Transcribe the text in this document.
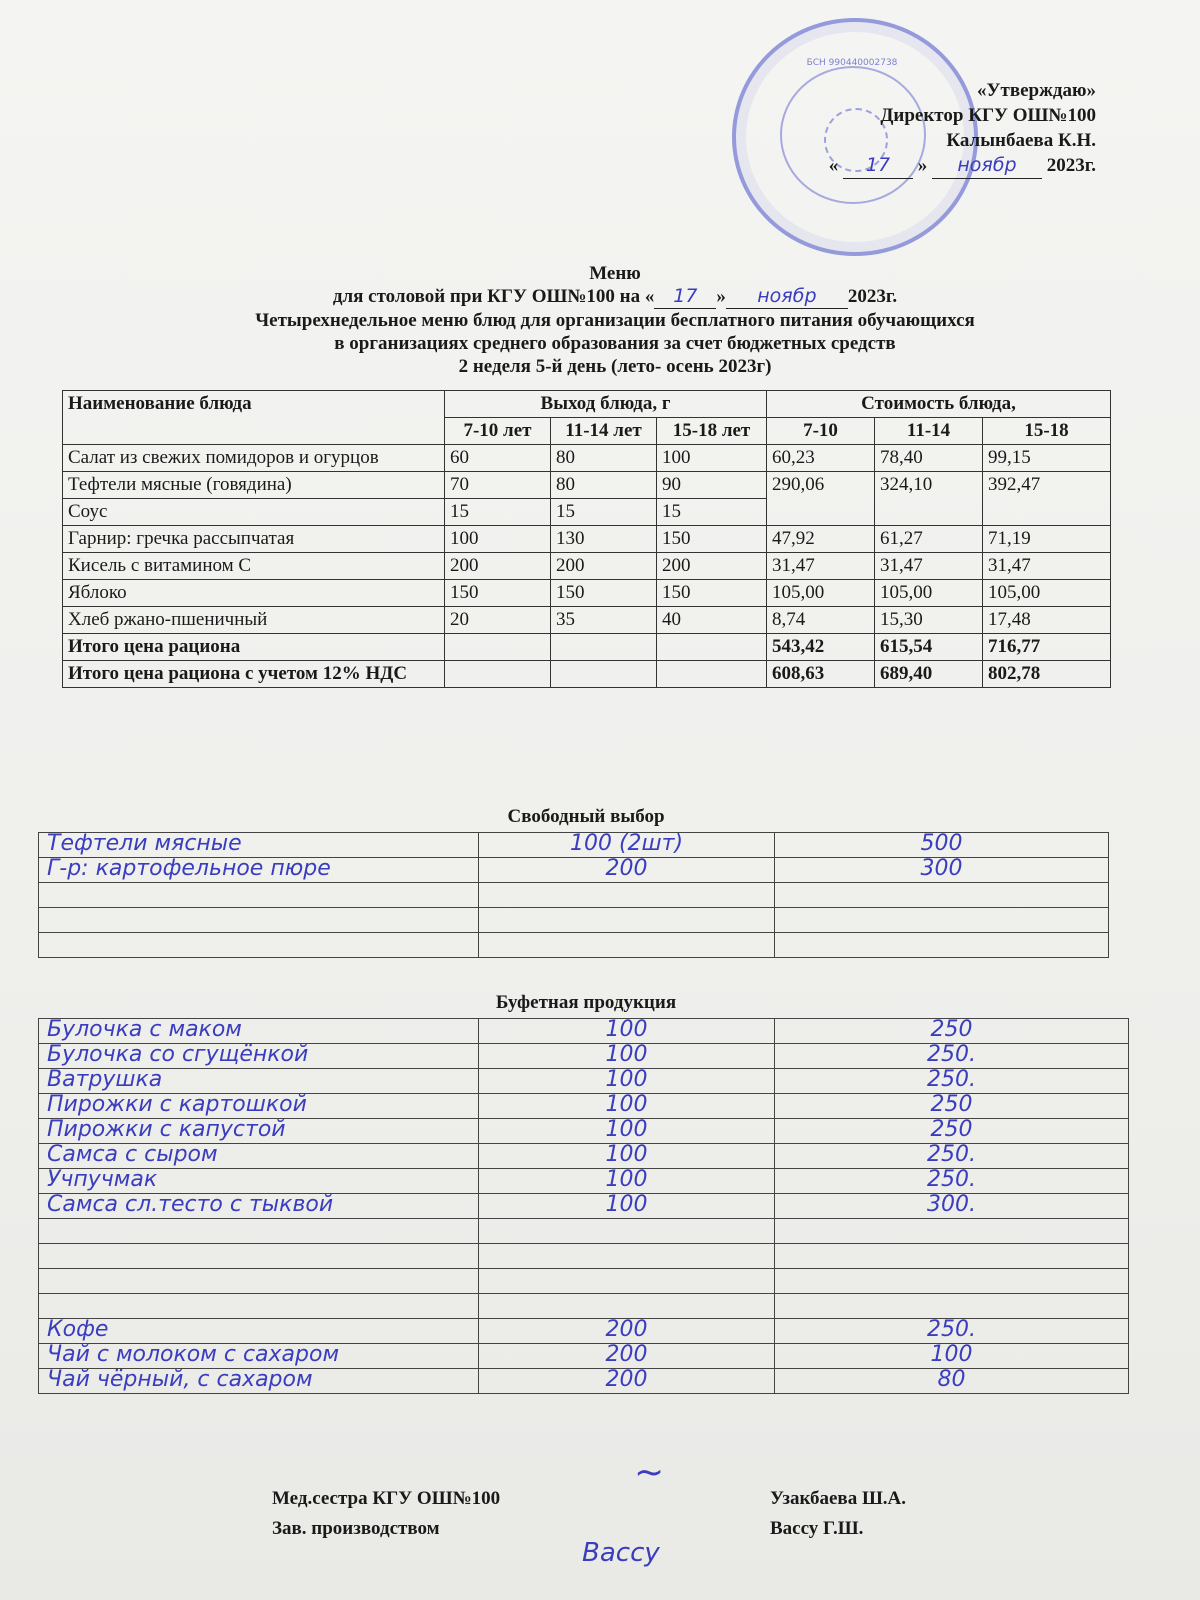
БСН 990440002738
«Утверждаю»
Директор КГУ ОШ№100
Калынбаева К.Н.
« 17 » ноябр 2023г.
Меню
для столовой при КГУ ОШ№100 на « 17 » ноябр 2023г.
Четырехнедельное меню блюд для организации бесплатного питания обучающихся
в организациях среднего образования за счет бюджетных средств
2 неделя 5-й день (лето- осень 2023г)
Наименование блюда	Выход блюда, г			Стоимость блюда,		
	7-10 лет	11-14 лет	15-18 лет	7-10	11-14	15-18
Салат из свежих помидоров и огурцов	60	80	100	60,23	78,40	99,15
Тефтели мясные (говядина)	70	80	90	290,06	324,10	392,47
Соус	15	15	15			
Гарнир: гречка рассыпчатая	100	130	150	47,92	61,27	71,19
Кисель с витамином С	200	200	200	31,47	31,47	31,47
Яблоко	150	150	150	105,00	105,00	105,00
Хлеб ржано-пшеничный	20	35	40	8,74	15,30	17,48
Итого цена рациона				543,42	615,54	716,77
Итого цена рациона с учетом 12% НДС				608,63	689,40	802,78
Свободный выбор
Тефтели мясные	100 (2шт)	500
Г-р: картофельное пюре	200	300

Буфетная продукция
Булочка с маком	100	250
Булочка со сгущёнкой	100	250.
Ватрушка	100	250.
Пирожки с картошкой	100	250
Пирожки с капустой	100	250
Самса с сыром	100	250.
Учпучмак	100	250.
Самса сл.тесто с тыквой	100	300.

Кофе	200	250.
Чай с молоком с сахаром	200	100
Чай чёрный, с сахаром	200	80
Мед.сестра КГУ ОШ№100
Зав. производством
Узакбаева Ш.А.
Вассу Г.Ш.
~
Вассу
